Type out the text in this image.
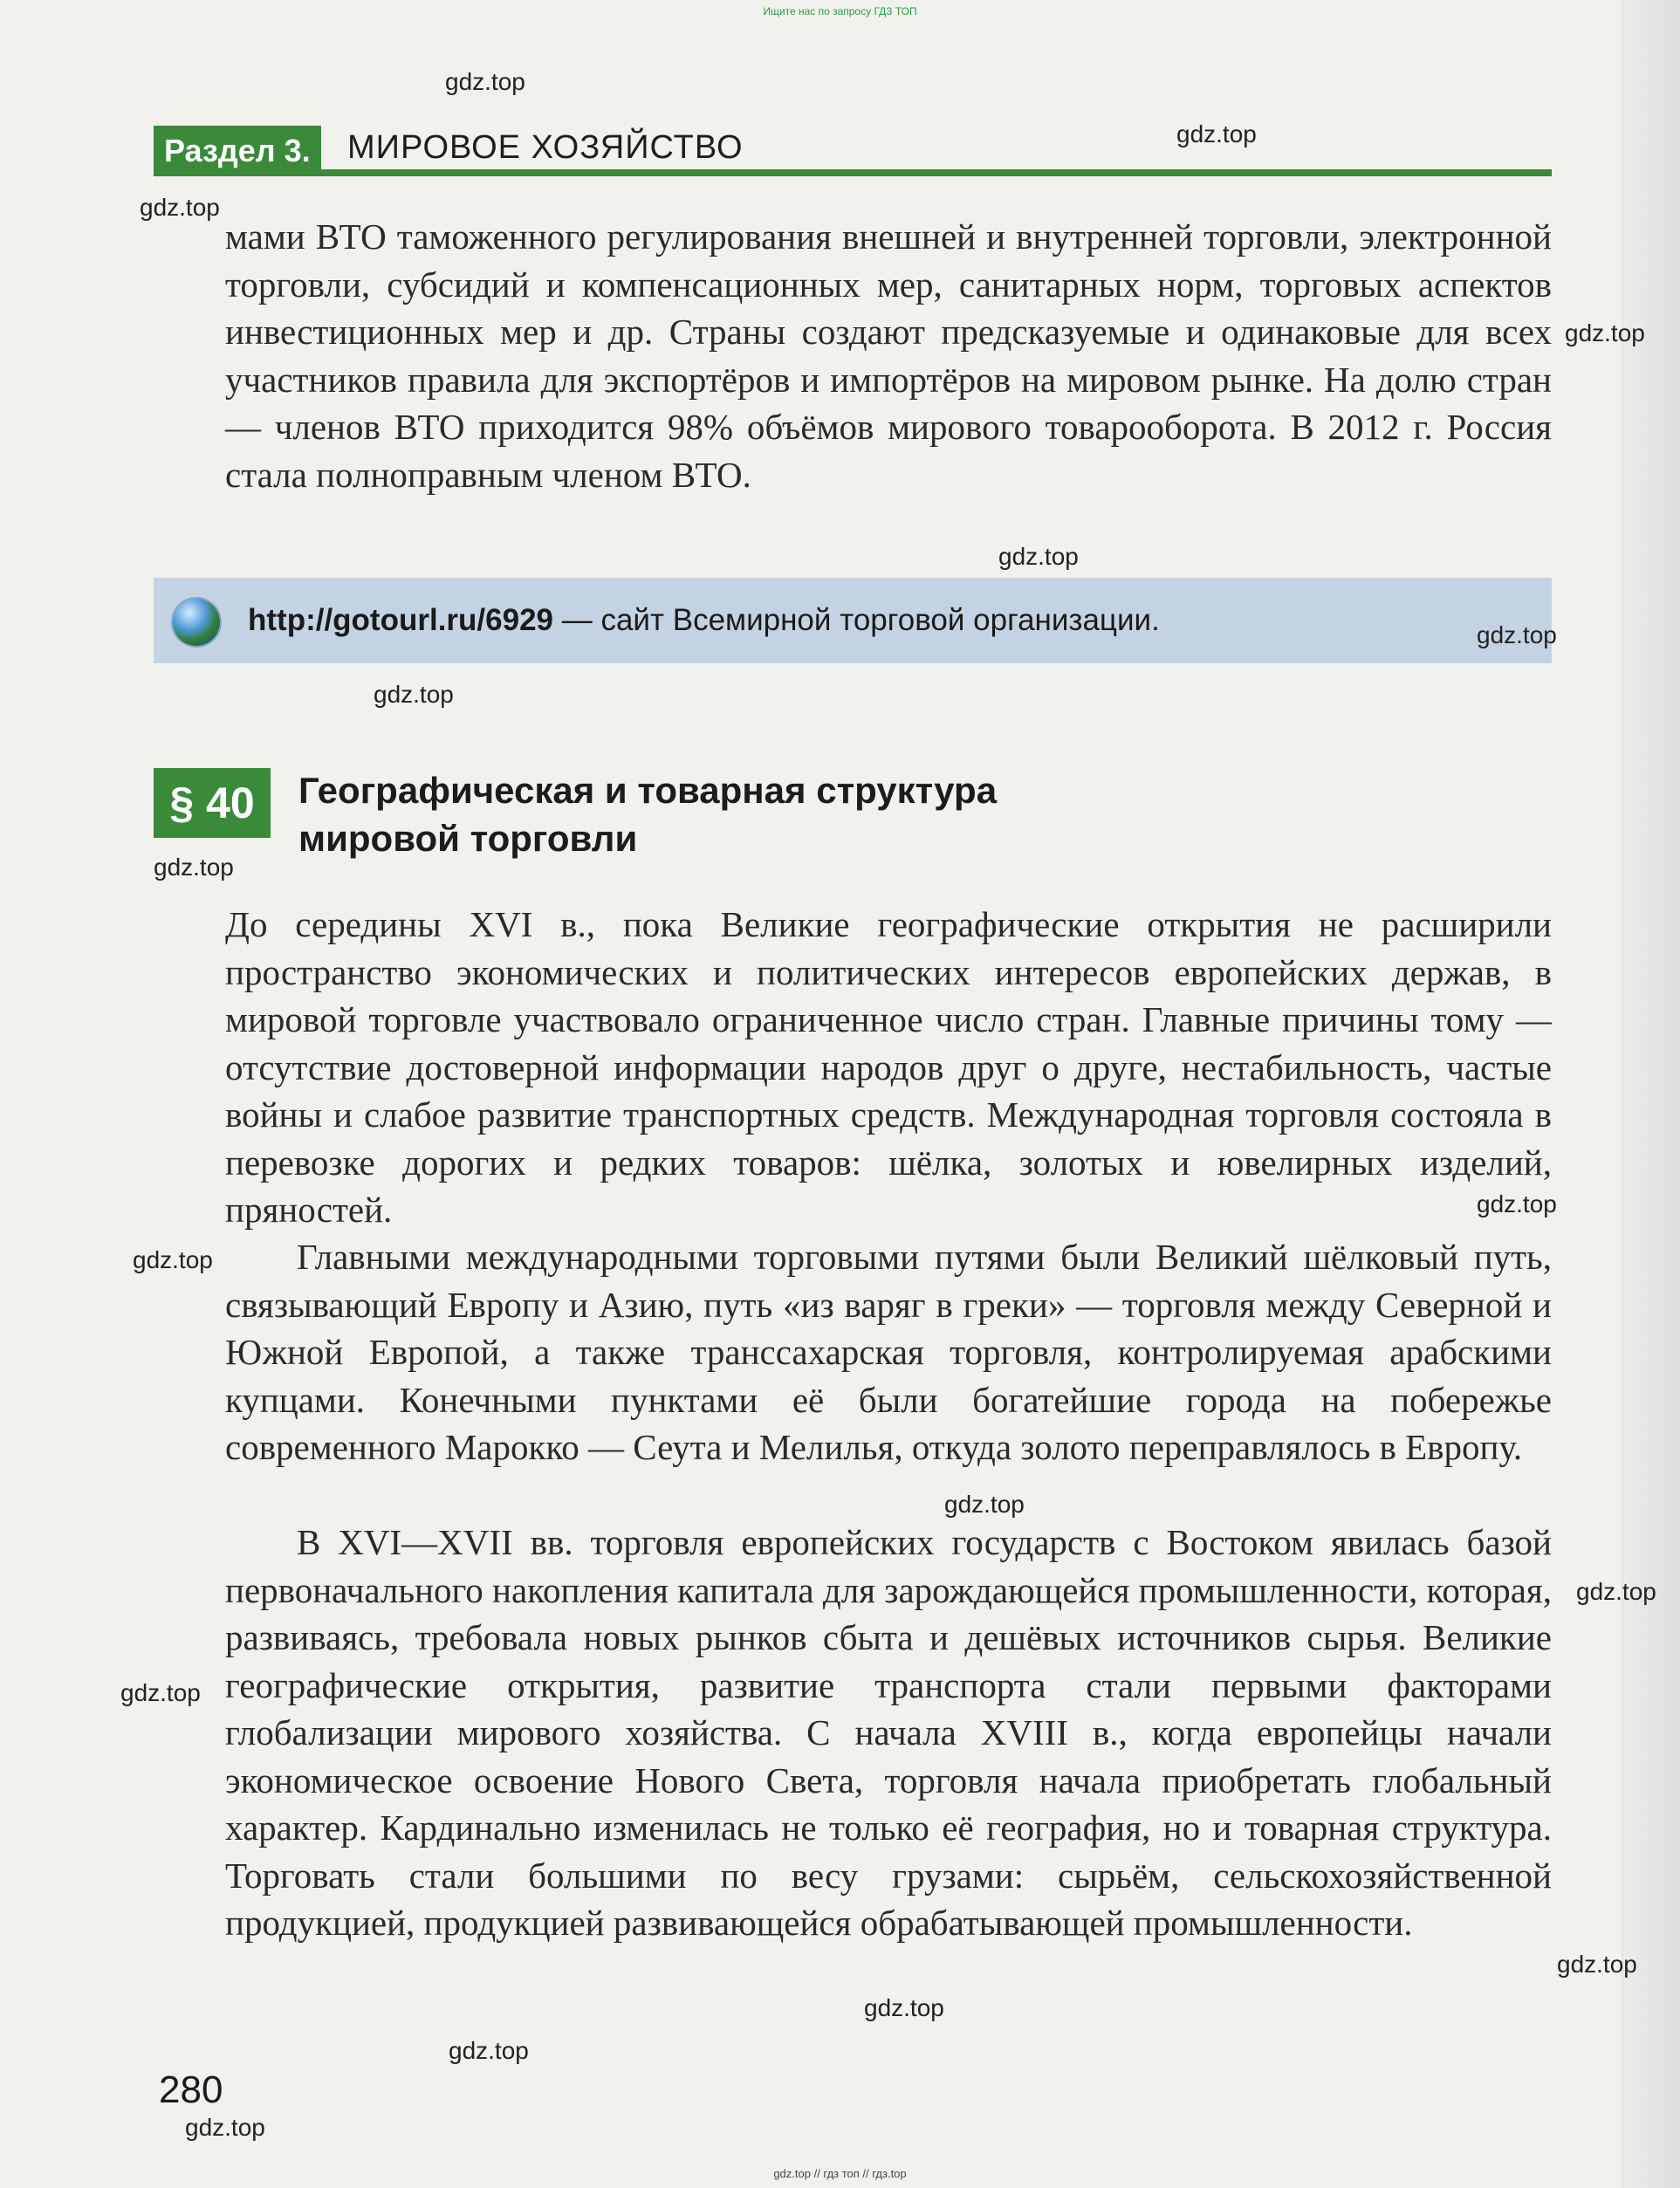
Ищите нас по запросу ГДЗ ТОП
Раздел 3.	МИРОВОЕ ХОЗЯЙСТВО
мами ВТО таможенного регулирования внешней и внутренней торговли, электронной торговли, субсидий и компенсационных мер, санитарных норм, торговых аспектов инвестиционных мер и др. Страны создают предсказуемые и одинаковые для всех участников правила для экспортёров и импортёров на мировом рынке. На долю стран — членов ВТО приходится 98% объёмов мирового товарооборота. В 2012 г. Россия стала полноправным членом ВТО.
http://gotourl.ru/6929 — сайт Всемирной торговой организации.
§ 40	Географическая и товарная структура
мировой торговли
До середины XVI в., пока Великие географические открытия не расширили пространство экономических и политических интересов европейских держав, в мировой торговле участвовало ограниченное число стран. Главные причины тому — отсутствие достоверной информации народов друг о друге, нестабильность, частые войны и слабое развитие транспортных средств. Международная торговля состояла в перевозке дорогих и редких товаров: шёлка, золотых и ювелирных изделий, пряностей.
Главными международными торговыми путями были Великий шёлковый путь, связывающий Европу и Азию, путь «из варяг в греки» — торговля между Северной и Южной Европой, а также транссахарская торговля, контролируемая арабскими купцами. Конечными пунктами её были богатейшие города на побережье современного Марокко — Сеута и Мелилья, откуда золото переправлялось в Европу.
В XVI—XVII вв. торговля европейских государств с Востоком явилась базой первоначального накопления капитала для зарождающейся промышленности, которая, развиваясь, требовала новых рынков сбыта и дешёвых источников сырья. Великие географические открытия, развитие транспорта стали первыми факторами глобализации мирового хозяйства. С начала XVIII в., когда европейцы начали экономическое освоение Нового Света, торговля начала приобретать глобальный характер. Кардинально изменилась не только её география, но и товарная структура. Торговать стали большими по весу грузами: сырьём, сельскохозяйственной продукцией, продукцией развивающейся обрабатывающей промышленности.
280
gdz.top
gdz.top
gdz.top
gdz.top
gdz.top
gdz.top
gdz.top
gdz.top
gdz.top
gdz.top
gdz.top
gdz.top
gdz.top
gdz.top
gdz.top
gdz.top
gdz.top
gdz.top // гдз топ // гдз.top
